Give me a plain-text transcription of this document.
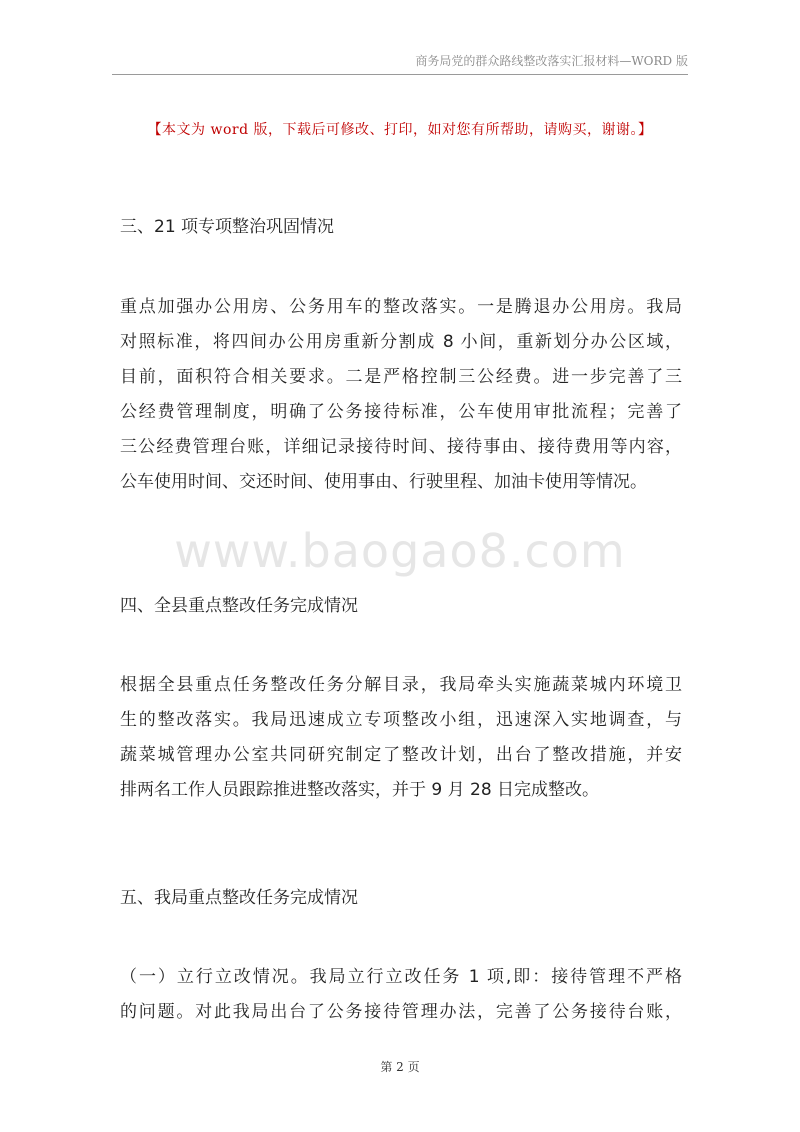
商务局党的群众路线整改落实汇报材料—WORD 版
【本文为 word 版，下载后可修改、打印，如对您有所帮助，请购买，谢谢。】
三、21 项专项整治巩固情况

重点加强办公用房、公务用车的整改落实。一是腾退办公用房。我局
对照标准，将四间办公用房重新分割成 8 小间，重新划分办公区域，
目前，面积符合相关要求。二是严格控制三公经费。进一步完善了三
公经费管理制度，明确了公务接待标准，公车使用审批流程；完善了
三公经费管理台账，详细记录接待时间、接待事由、接待费用等内容，
公车使用时间、交还时间、使用事由、行驶里程、加油卡使用等情况。

www.baogao8.com
四、全县重点整改任务完成情况

根据全县重点任务整改任务分解目录，我局牵头实施蔬菜城内环境卫
生的整改落实。我局迅速成立专项整改小组，迅速深入实地调查，与
蔬菜城管理办公室共同研究制定了整改计划，出台了整改措施，并安
排两名工作人员跟踪推进整改落实，并于 9 月 28 日完成整改。

五、我局重点整改任务完成情况

（一）立行立改情况。我局立行立改任务 1 项,即：接待管理不严格
的问题。对此我局出台了公务接待管理办法，完善了公务接待台账，

第 2 页
